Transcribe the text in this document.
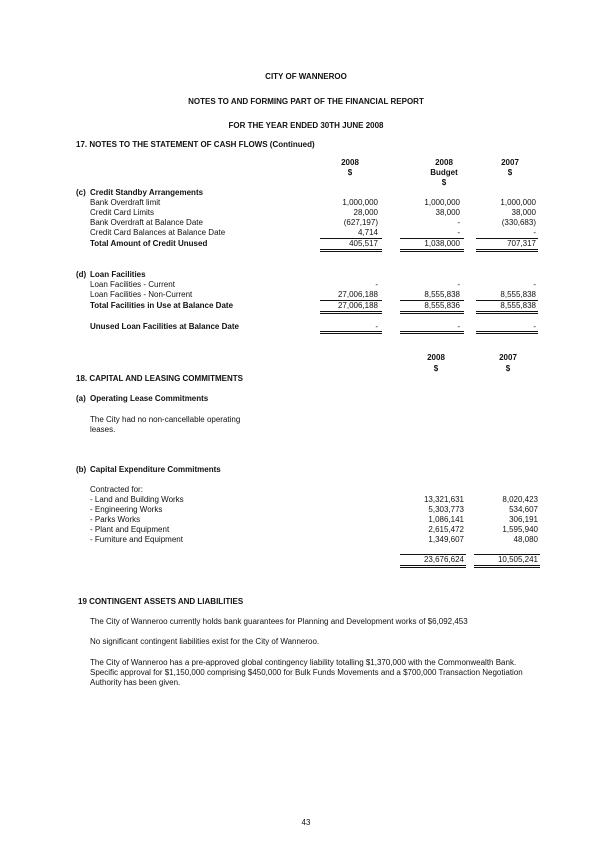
CITY OF WANNEROO
NOTES TO AND FORMING PART OF THE FINANCIAL REPORT
FOR THE YEAR ENDED 30TH JUNE 2008
17. NOTES TO THE STATEMENT OF CASH FLOWS (Continued)
2008
$
2008
Budget
$
2007
$
(c) Credit Standby Arrangements
Bank Overdraft limit	1,000,000	1,000,000	1,000,000
Credit Card Limits	28,000	38,000	38,000
Bank Overdraft at Balance Date	(627,197)	-	(330,683)
Credit Card Balances at Balance Date	4,714	-	-
Total Amount of Credit Unused	405,517	1,038,000	707,317
(d) Loan Facilities
Loan Facilities - Current	-	-	-
Loan Facilities - Non-Current	27,006,188	8,555,838	8,555,838
Total Facilities in Use at Balance Date	27,006,188	8,555,836	8,555,838
Unused Loan Facilities at Balance Date	-	-	-
2008
$
2007
$
18. CAPITAL AND LEASING COMMITMENTS
(a) Operating Lease Commitments
The City had no non-cancellable operating leases.
(b) Capital Expenditure Commitments
Contracted for:
- Land and Building Works	13,321,631	8,020,423
- Engineering Works	5,303,773	534,607
- Parks Works	1,086,141	306,191
- Plant and Equipment	2,615,472	1,595,940
- Furniture and Equipment	1,349,607	48,080
23,676,624	10,505,241
19 CONTINGENT ASSETS AND LIABILITIES
The City of Wanneroo currently holds bank guarantees for Planning and Development works of $6,092,453
No significant contingent liabilities exist for the City of Wanneroo.
The City of Wanneroo has a pre-approved global contingency liability totalling $1,370,000 with the Commonwealth Bank. Specific approval for $1,150,000 comprising $450,000 for Bulk Funds Movements and a $700,000 Transaction Negotiation Authority has been given.
43
